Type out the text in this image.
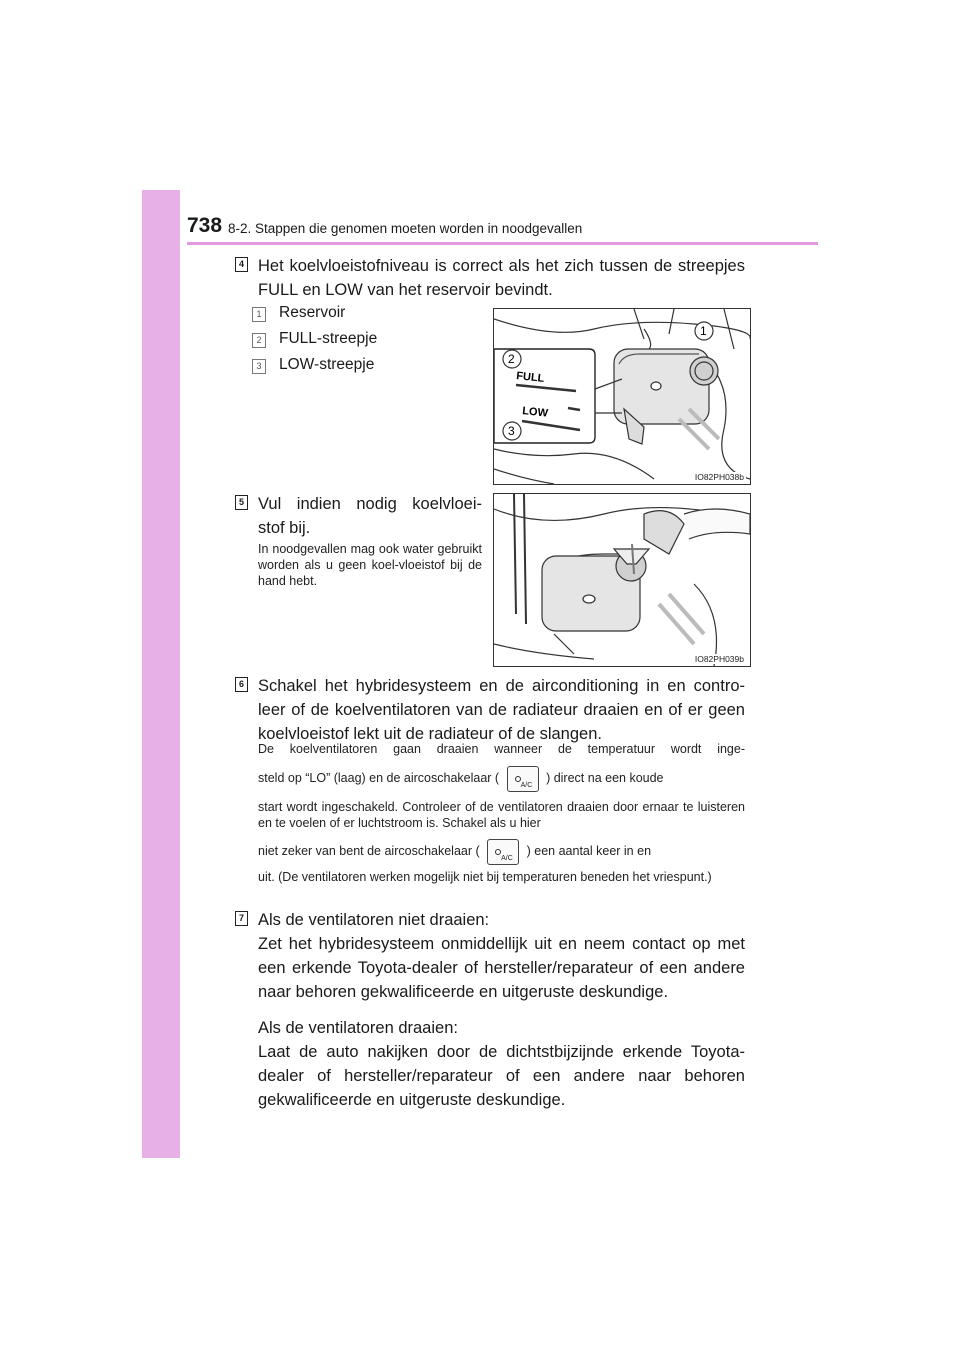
738 8-2. Stappen die genomen moeten worden in noodgevallen
4 Het koelvloeistofniveau is correct als het zich tussen de streepjes FULL en LOW van het reservoir bevindt.
1 Reservoir
2 FULL-streepje
3 LOW-streepje
FULL
LOW
2
3
1
IO82PH038b
5 Vul indien nodig koelvloei-
stof bij.
In noodgevallen mag ook water gebruikt worden als u geen koel-vloeistof bij de hand hebt.
IO82PH039b
6 Schakel het hybridesysteem en de airconditioning in en contro-leer of de koelventilatoren van de radiateur draaien en of er geen koelvloeistof lekt uit de radiateur of de slangen.
De koelventilatoren gaan draaien wanneer de temperatuur wordt inge-
steld op “LO” (laag) en de aircoschakelaar (
A/C
) direct na een koude
start wordt ingeschakeld. Controleer of de ventilatoren draaien door ernaar te luisteren en te voelen of er luchtstroom is. Schakel als u hier
niet zeker van bent de aircoschakelaar (
A/C
) een aantal keer in en
uit. (De ventilatoren werken mogelijk niet bij temperaturen beneden het vriespunt.)
7 Als de ventilatoren niet draaien:
Zet het hybridesysteem onmiddellijk uit en neem contact op met een erkende Toyota-dealer of hersteller/reparateur of een andere naar behoren gekwalificeerde en uitgeruste deskundige.
Als de ventilatoren draaien:
Laat de auto nakijken door de dichtstbijzijnde erkende Toyota-dealer of hersteller/reparateur of een andere naar behoren gekwalificeerde en uitgeruste deskundige.
